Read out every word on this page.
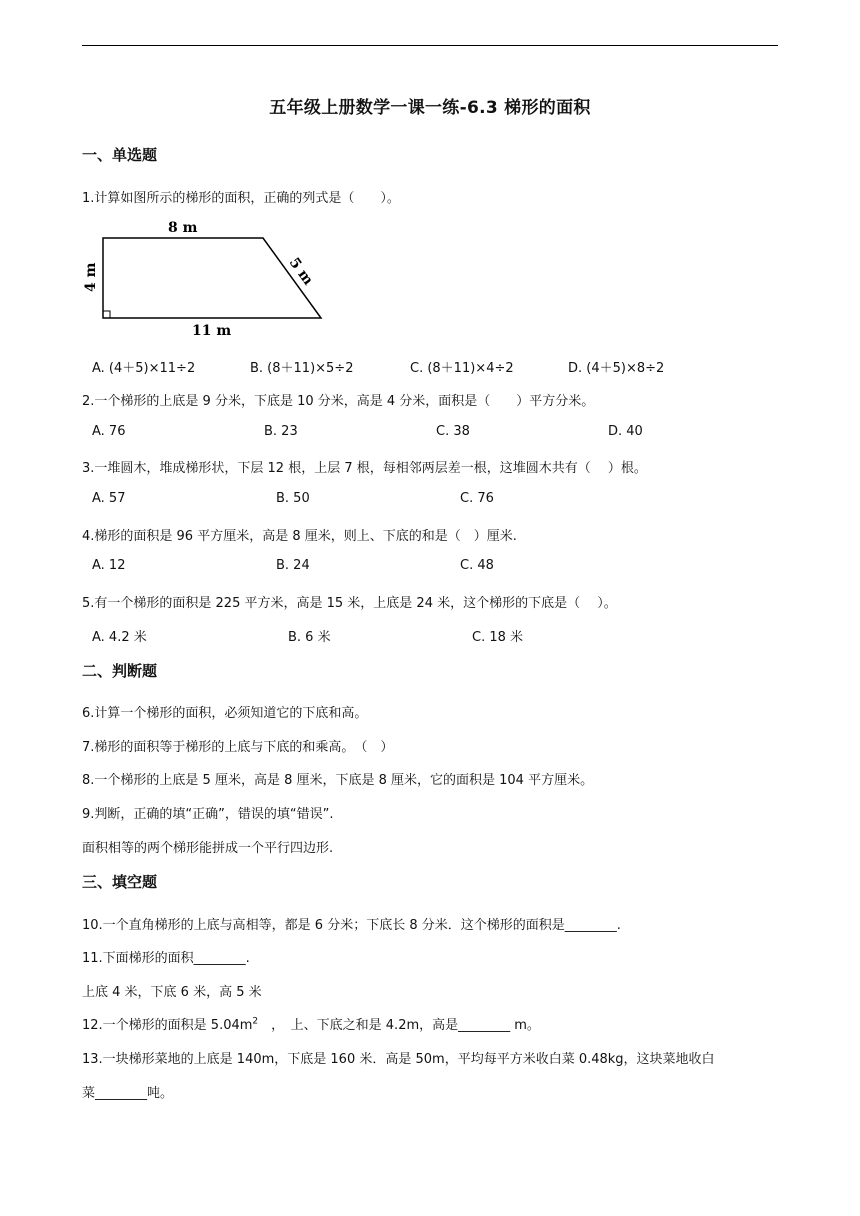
五年级上册数学一课一练-6.3 梯形的面积
一、单选题
1.计算如图所示的梯形的面积，正确的列式是（　　）。
8 m
11 m
4 m	5 m
A. (4＋5)×11÷2	B. (8＋11)×5÷2	C. (8＋11)×4÷2	D. (4＋5)×8÷2
2.一个梯形的上底是 9 分米，下底是 10 分米，高是 4 分米，面积是（　　）平方分米。
A. 76	B. 23	C. 38	D. 40
3.一堆圆木，堆成梯形状，下层 12 根，上层 7 根，每相邻两层差一根，这堆圆木共有（　 ）根。
A. 57	B. 50	C. 76
4.梯形的面积是 96 平方厘米，高是 8 厘米，则上、下底的和是（　）厘米.
A. 12	B. 24	C. 48
5.有一个梯形的面积是 225 平方米，高是 15 米，上底是 24 米，这个梯形的下底是（　 ）。
A. 4.2 米	B. 6 米	C. 18 米
二、判断题
6.计算一个梯形的面积，必须知道它的下底和高。
7.梯形的面积等于梯形的上底与下底的和乘高。　（　）
8.一个梯形的上底是 5 厘米，高是 8 厘米，下底是 8 厘米，它的面积是 104 平方厘米。
9.判断，正确的填“正确”，错误的填“错误”.
面积相等的两个梯形能拼成一个平行四边形.
三、填空题
10.一个直角梯形的上底与高相等，都是 6 分米；下底长 8 分米．这个梯形的面积是________.
11.下面梯形的面积________.
上底 4 米，下底 6 米，高 5 米
12.一个梯形的面积是 $5.04m^2$　，　上、下底之和是 4.2m，高是________ m。
13.一块梯形菜地的上底是 140m，下底是 160 米．高是 50m，平均每平方米收白菜 0.48kg，这块菜地收白
菜________吨。
